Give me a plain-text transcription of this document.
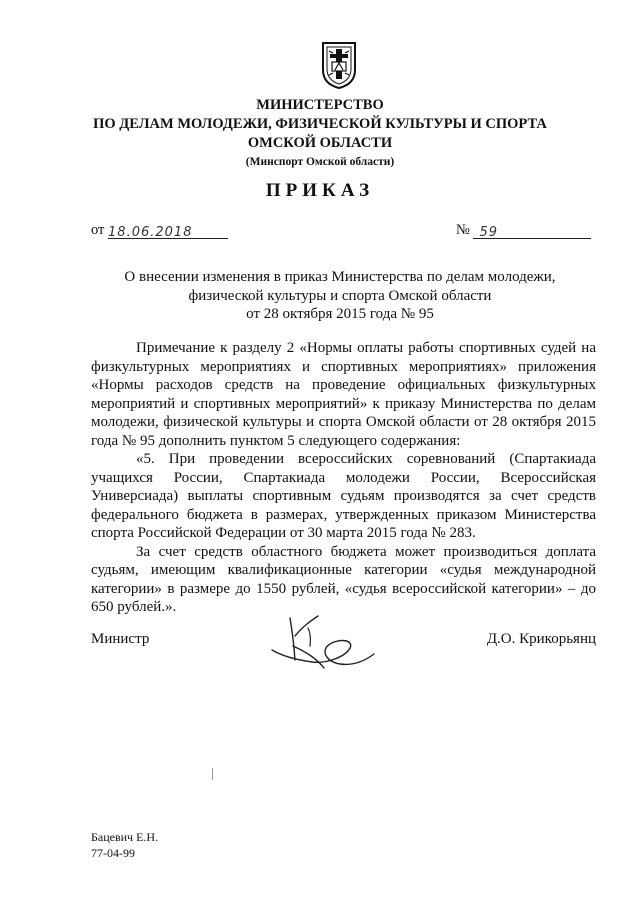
МИНИСТЕРСТВО
ПО ДЕЛАМ МОЛОДЕЖИ, ФИЗИЧЕСКОЙ КУЛЬТУРЫ И СПОРТА
ОМСКОЙ ОБЛАСТИ
(Минспорт Омской области)
ПРИКАЗ
от 18.06.2018	№ 59
О внесении изменения в приказ Министерства по делам молодежи,
физической культуры и спорта Омской области
от 28 октября 2015 года № 95

Примечание к разделу 2 «Нормы оплаты работы спортивных судей на физкультурных мероприятиях и спортивных мероприятиях» приложения «Нормы расходов средств на проведение официальных физкультурных мероприятий и спортивных мероприятий» к приказу Министерства по делам молодежи, физической культуры и спорта Омской области от 28 октября 2015 года № 95 дополнить пунктом 5 следующего содержания:

«5. При проведении всероссийских соревнований (Спартакиада учащихся России, Спартакиада молодежи России, Всероссийская Универсиада) выплаты спортивным судьям производятся за счет средств федерального бюджета в размерах, утвержденных приказом Министерства спорта Российской Федерации от 30 марта 2015 года № 283.

За счет средств областного бюджета может производиться доплата судьям, имеющим квалификационные категории «судья международной категории» в размере до 1550 рублей, «судья всероссийской категории» – до 650 рублей.».

Министр	Д.О. Крикорьянц
Бацевич Е.Н.
77-04-99
